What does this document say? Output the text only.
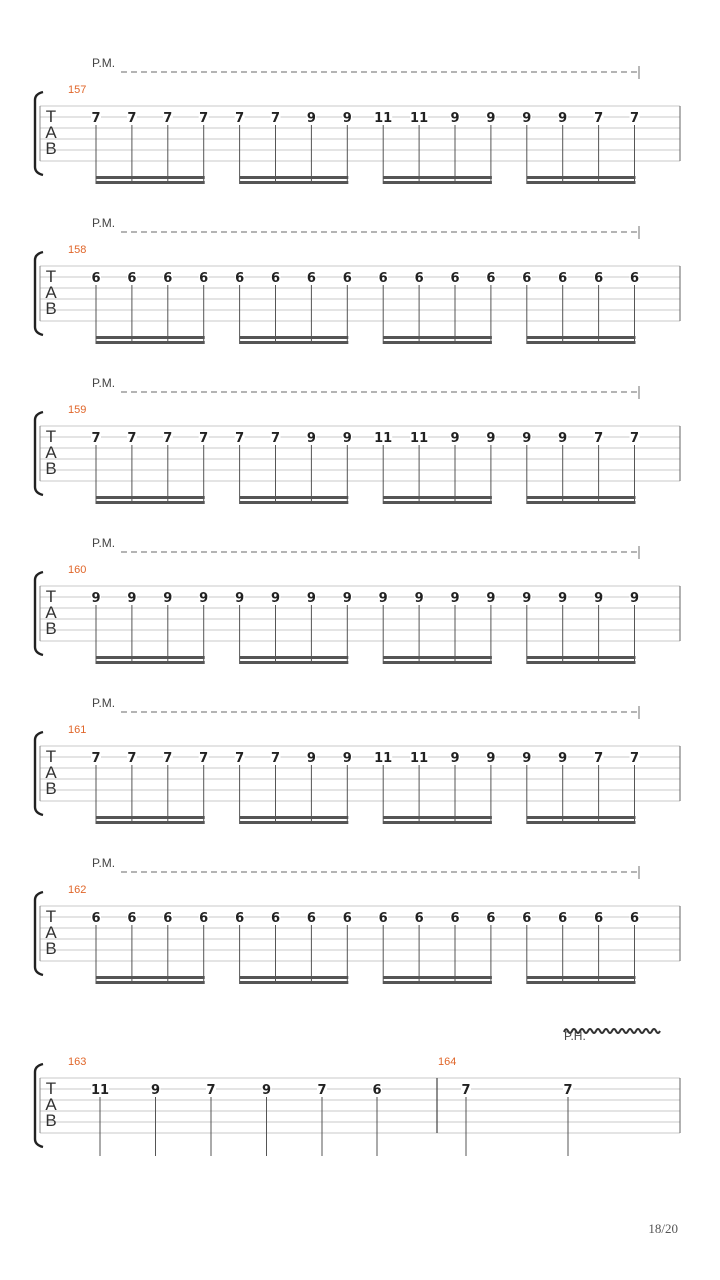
T
A
B
P.M.
157
7 7 7 7 7 7 9 9 11 11 9 9 9 9 7 7
T
A
B
P.M.
158
6 6 6 6 6 6 6 6 6 6 6 6 6 6 6 6
T
A
B
P.M.
159
7 7 7 7 7 7 9 9 11 11 9 9 9 9 7 7
T
A
B
P.M.
160
9 9 9 9 9 9 9 9 9 9 9 9 9 9 9 9
T
A
B
P.M.
161
7 7 7 7 7 7 9 9 11 11 9 9 9 9 7 7
T
A
B
P.M.
162
6 6 6 6 6 6 6 6 6 6 6 6 6 6 6 6
T
A
B
163	164
11	9	7	9	7	6	7	7
P.H.
18/20
